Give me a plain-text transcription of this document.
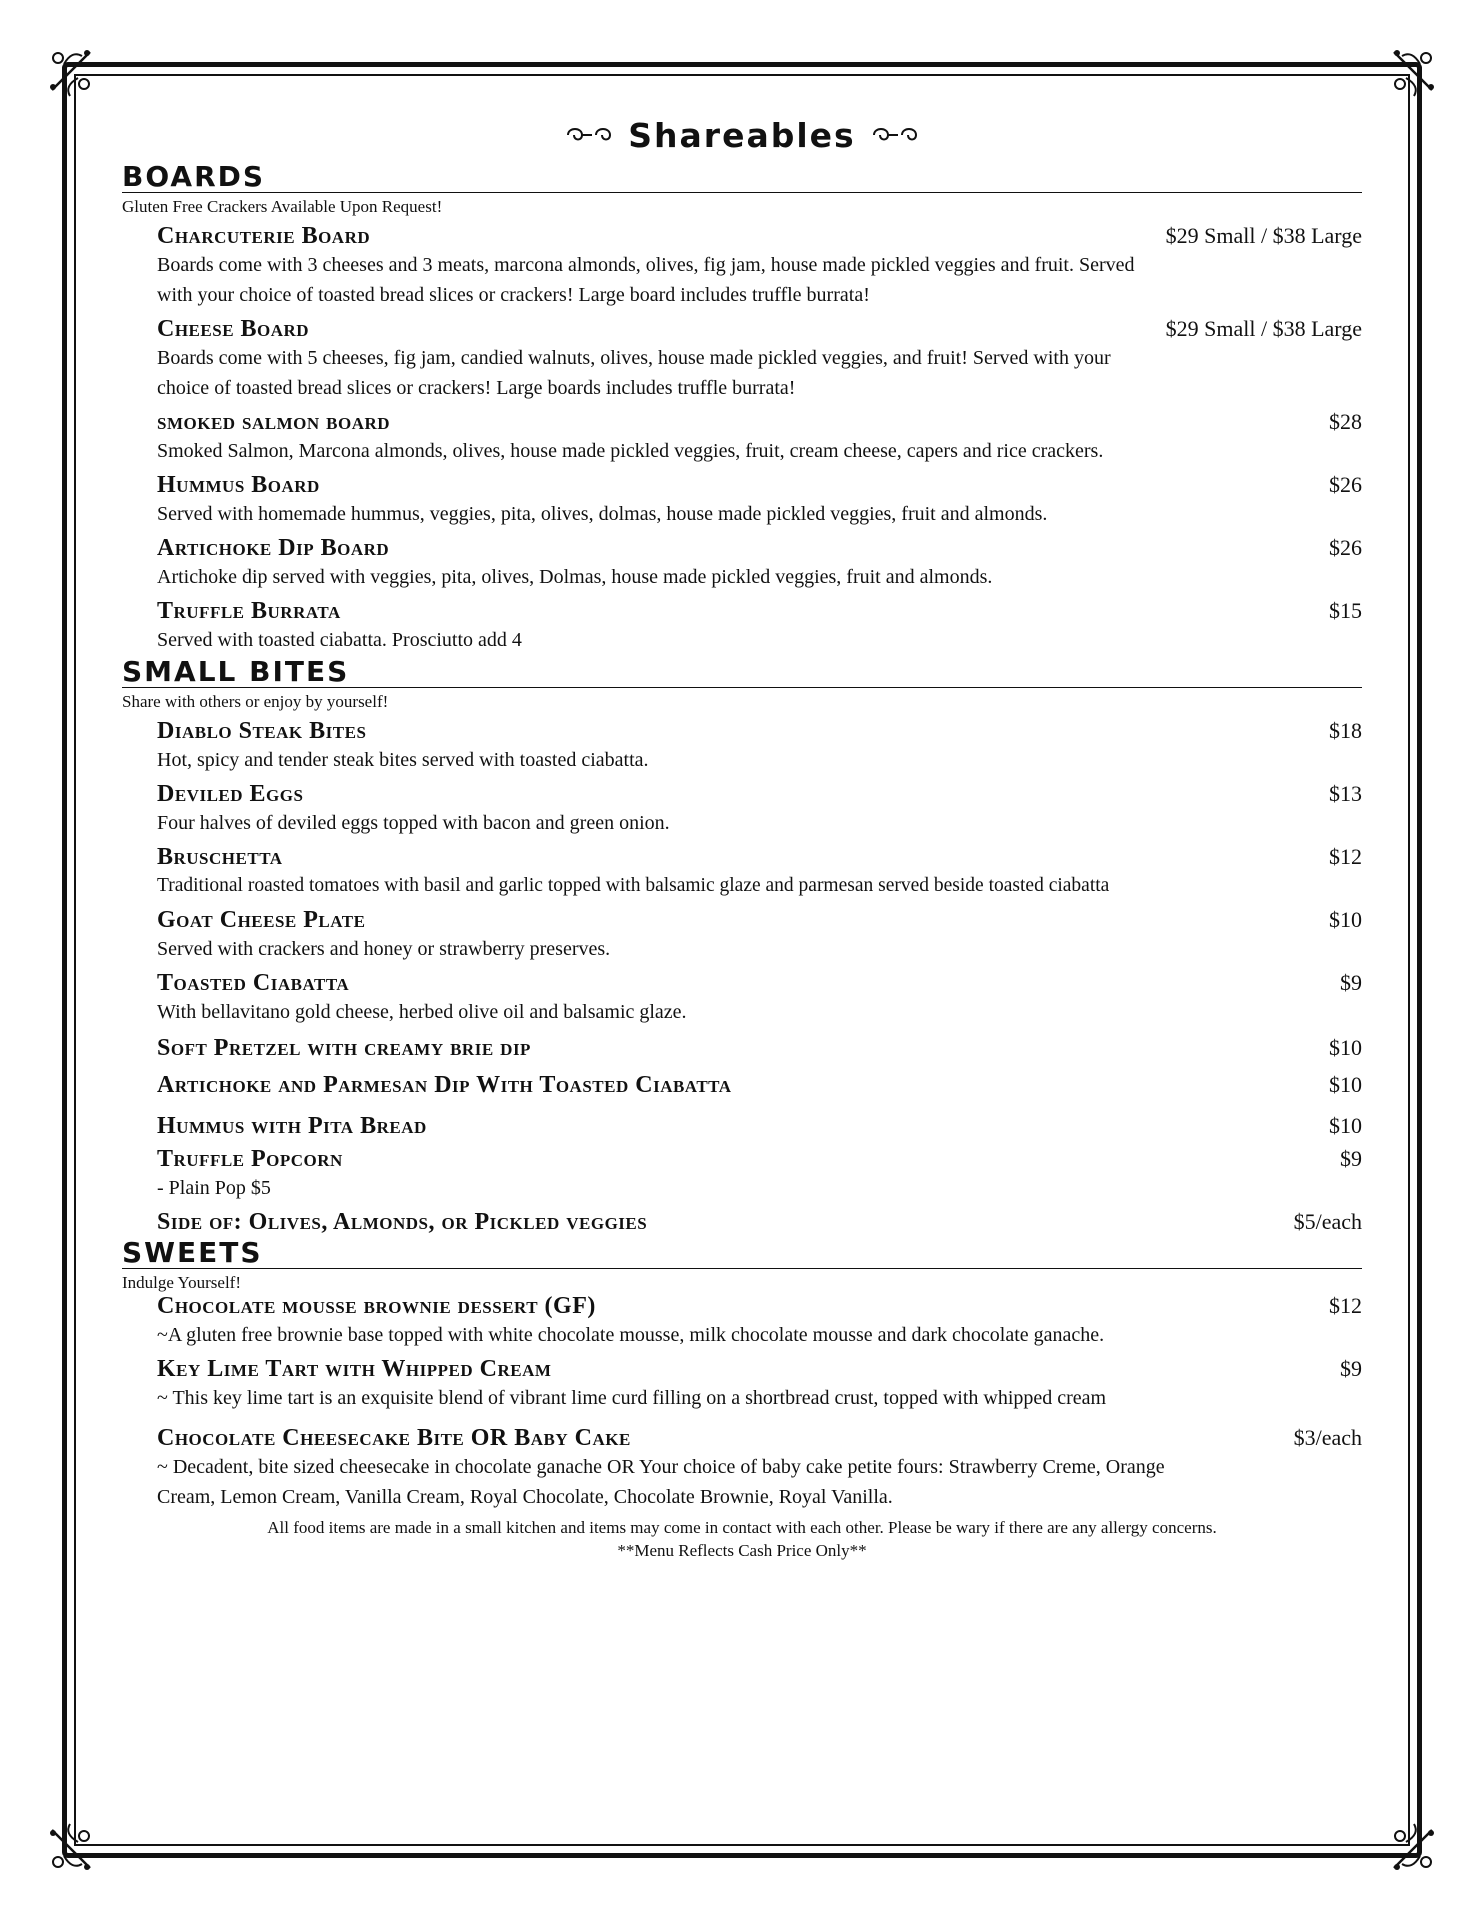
Shareables
BOARDS
Gluten Free Crackers Available Upon Request!
Charcuterie Board	$29 Small / $38 Large
Boards come with 3 cheeses and 3 meats, marcona almonds, olives, fig jam, house made pickled veggies and fruit. Served with your choice of toasted bread slices or crackers! Large board includes truffle burrata!
Cheese Board	$29 Small / $38 Large
Boards come with 5 cheeses, fig jam, candied walnuts, olives, house made pickled veggies, and fruit! Served with your choice of toasted bread slices or crackers! Large boards includes truffle burrata!
smoked salmon board	$28
Smoked Salmon, Marcona almonds, olives, house made pickled veggies, fruit, cream cheese, capers and rice crackers.
Hummus Board	$26
Served with homemade hummus, veggies, pita, olives, dolmas, house made pickled veggies, fruit and almonds.
Artichoke Dip Board	$26
Artichoke dip served with veggies, pita, olives, Dolmas, house made pickled veggies, fruit and almonds.
Truffle Burrata	$15
Served with toasted ciabatta. Prosciutto add 4
SMALL BITES
Share with others or enjoy by yourself!
Diablo Steak Bites	$18
Hot, spicy and tender steak bites served with toasted ciabatta.
Deviled Eggs	$13
Four halves of deviled eggs topped with bacon and green onion.
Bruschetta	$12
Traditional roasted tomatoes with basil and garlic topped with balsamic glaze and parmesan served beside toasted ciabatta
Goat Cheese Plate	$10
Served with crackers and honey or strawberry preserves.
Toasted Ciabatta	$9
With bellavitano gold cheese, herbed olive oil and balsamic glaze.
Soft Pretzel with creamy brie dip	$10
Artichoke and Parmesan Dip With Toasted Ciabatta	$10
Hummus with Pita Bread	$10
Truffle Popcorn	$9
- Plain Pop $5
Side of: Olives, Almonds, or Pickled veggies	$5/each
SWEETS
Indulge Yourself!
Chocolate mousse brownie dessert (GF)	$12
~A gluten free brownie base topped with white chocolate mousse, milk chocolate mousse and dark chocolate ganache.
Key Lime Tart with Whipped Cream	$9
~ This key lime tart is an exquisite blend of vibrant lime curd filling on a shortbread crust, topped with whipped cream
Chocolate Cheesecake Bite OR Baby Cake	$3/each
~ Decadent, bite sized cheesecake in chocolate ganache OR Your choice of baby cake petite fours: Strawberry Creme, Orange Cream, Lemon Cream, Vanilla Cream, Royal Chocolate, Chocolate Brownie, Royal Vanilla.
All food items are made in a small kitchen and items may come in contact with each other. Please be wary if there are any allergy concerns.
**Menu Reflects Cash Price Only**
